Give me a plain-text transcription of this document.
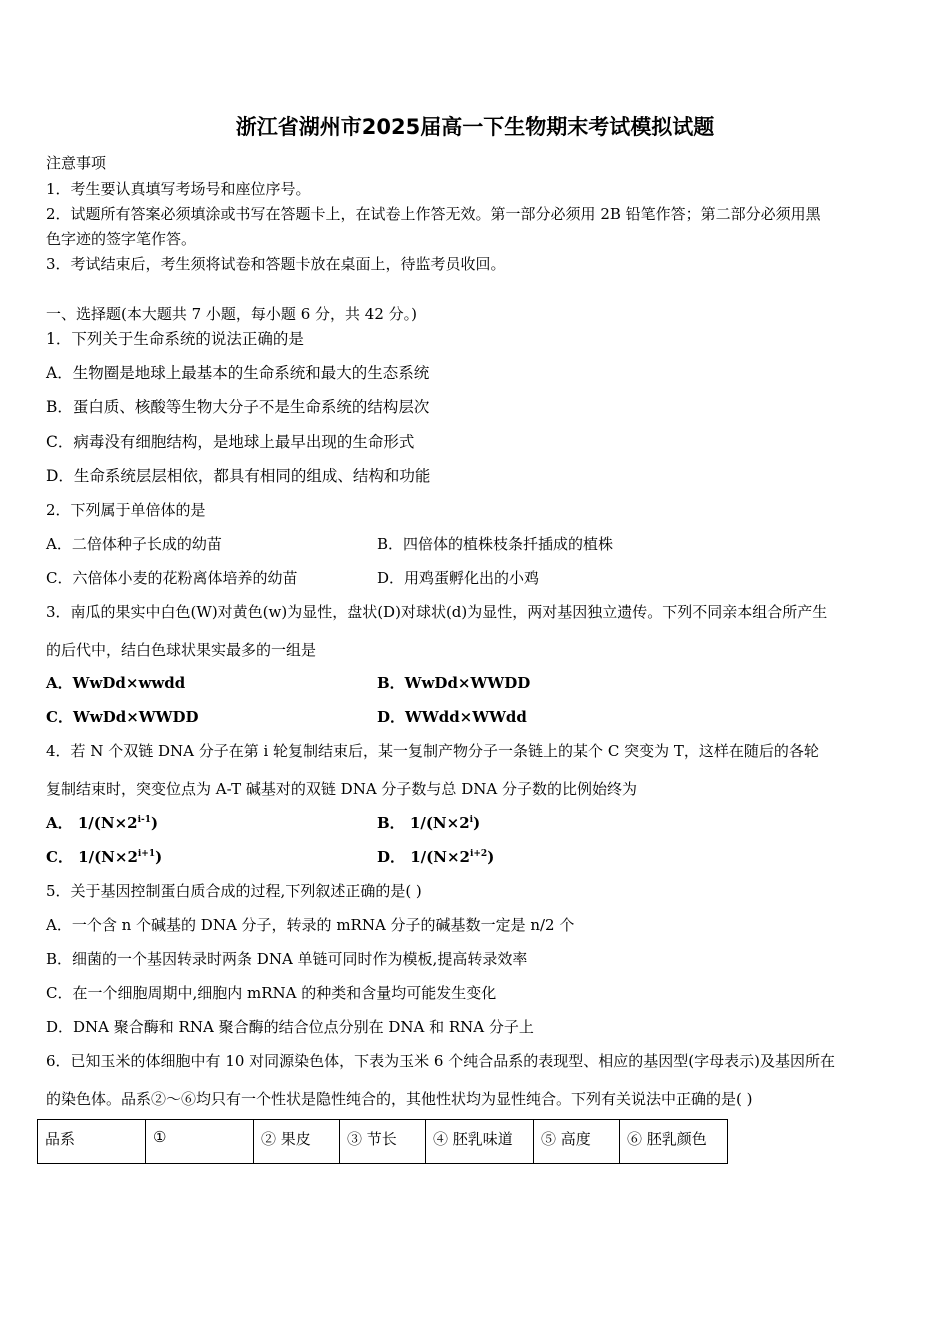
浙江省湖州市2025届高一下生物期末考试模拟试题
注意事项
1．考生要认真填写考场号和座位序号。
2．试题所有答案必须填涂或书写在答题卡上，在试卷上作答无效。第一部分必须用 2B 铅笔作答；第二部分必须用黑
色字迹的签字笔作答。
3．考试结束后，考生须将试卷和答题卡放在桌面上，待监考员收回。
一、选择题(本大题共 7 小题，每小题 6 分，共 42 分。)
1．下列关于生命系统的说法正确的是
A．生物圈是地球上最基本的生命系统和最大的生态系统
B．蛋白质、核酸等生物大分子不是生命系统的结构层次
C．病毒没有细胞结构，是地球上最早出现的生命形式
D．生命系统层层相依，都具有相同的组成、结构和功能
2．下列属于单倍体的是
A．二倍体种子长成的幼苗	B．四倍体的植株枝条扦插成的植株
C．六倍体小麦的花粉离体培养的幼苗	D．用鸡蛋孵化出的小鸡
3．南瓜的果实中白色(W)对黄色(w)为显性，盘状(D)对球状(d)为显性，两对基因独立遗传。下列不同亲本组合所产生
的后代中，结白色球状果实最多的一组是
A．WwDd×wwdd	B．WwDd×WWDD
C．WwDd×WWDD	D．WWdd×WWdd
4．若 N 个双链 DNA 分子在第 i 轮复制结束后，某一复制产物分子一条链上的某个 C 突变为 T，这样在随后的各轮
复制结束时，突变位点为 A-T 碱基对的双链 DNA 分子数与总 DNA 分子数的比例始终为
A． $1/(N\times 2^{i-1})$	B． $1/(N\times 2^i)$
C． $1/(N\times 2^{i+1})$	D． $1/(N\times 2^{i+2})$
5．关于基因控制蛋白质合成的过程,下列叙述正确的是( )
A．一个含 n 个碱基的 DNA 分子，转录的 mRNA 分子的碱基数一定是 n/2 个
B．细菌的一个基因转录时两条 DNA 单链可同时作为模板,提高转录效率
C．在一个细胞周期中,细胞内 mRNA 的种类和含量均可能发生变化
D．DNA 聚合酶和 RNA 聚合酶的结合位点分别在 DNA 和 RNA 分子上
6．已知玉米的体细胞中有 10 对同源染色体，下表为玉米 6 个纯合品系的表现型、相应的基因型(字母表示)及基因所在
的染色体。品系②～⑥均只有一个性状是隐性纯合的，其他性状均为显性纯合。下列有关说法中正确的是( )
品系	①	② 果皮	③ 节长	④ 胚乳味道	⑤ 高度	⑥ 胚乳颜色
